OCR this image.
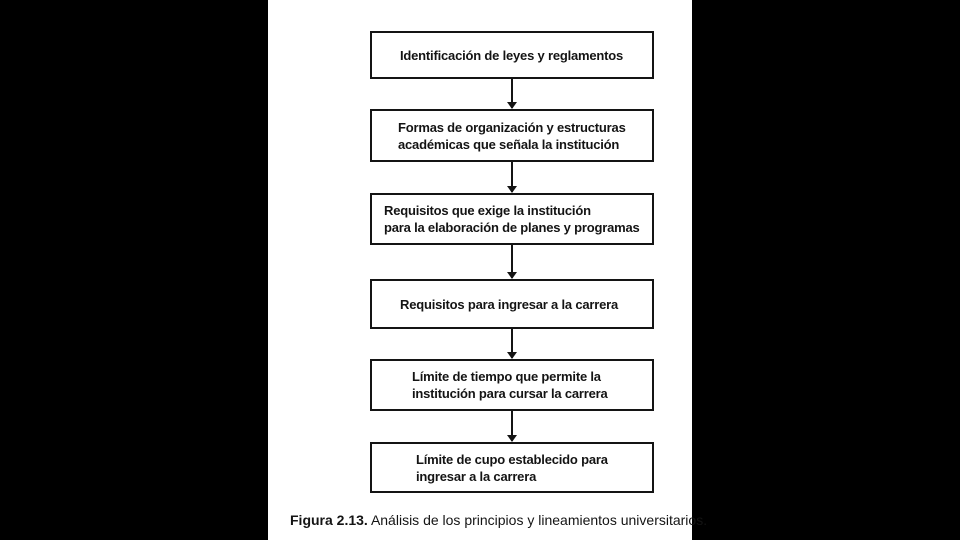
Identificación de leyes y reglamentos
Formas de organización y estructuras
académicas que señala la institución
Requisitos que exige la institución
para la elaboración de planes y programas
Requisitos para ingresar a la carrera
Límite de tiempo que permite la
institución para cursar la carrera
Límite de cupo establecido para
ingresar a la carrera
Figura 2.13. Análisis de los principios y lineamientos universitarios.
